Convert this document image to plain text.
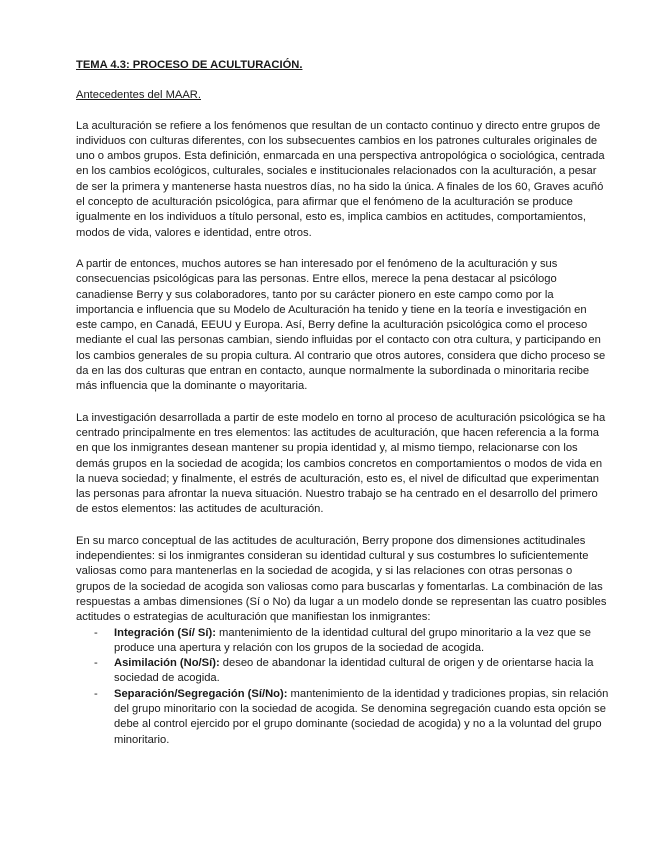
TEMA 4.3: PROCESO DE ACULTURACIÓN.

Antecedentes del MAAR.

La aculturación se refiere a los fenómenos que resultan de un contacto continuo y directo entre grupos de individuos con culturas diferentes, con los subsecuentes cambios en los patrones culturales originales de uno o ambos grupos. Esta definición, enmarcada en una perspectiva antropológica o sociológica, centrada en los cambios ecológicos, culturales, sociales e institucionales relacionados con la aculturación, a pesar de ser la primera y mantenerse hasta nuestros días, no ha sido la única. A finales de los 60, Graves acuñó el concepto de aculturación psicológica, para afirmar que el fenómeno de la aculturación se produce igualmente en los individuos a título personal, esto es, implica cambios en actitudes, comportamientos, modos de vida, valores e identidad, entre otros.

A partir de entonces, muchos autores se han interesado por el fenómeno de la aculturación y sus consecuencias psicológicas para las personas. Entre ellos, merece la pena destacar al psicólogo canadiense Berry y sus colaboradores, tanto por su carácter pionero en este campo como por la importancia e influencia que su Modelo de Aculturación ha tenido y tiene en la teoría e investigación en este campo, en Canadá, EEUU y Europa. Así, Berry define la aculturación psicológica como el proceso mediante el cual las personas cambian, siendo influidas por el contacto con otra cultura, y participando en los cambios generales de su propia cultura. Al contrario que otros autores, considera que dicho proceso se da en las dos culturas que entran en contacto, aunque normalmente la subordinada o minoritaria recibe más influencia que la dominante o mayoritaria.

La investigación desarrollada a partir de este modelo en torno al proceso de aculturación psicológica se ha centrado principalmente en tres elementos: las actitudes de aculturación, que hacen referencia a la forma en que los inmigrantes desean mantener su propia identidad y, al mismo tiempo, relacionarse con los demás grupos en la sociedad de acogida; los cambios concretos en comportamientos o modos de vida en la nueva sociedad; y finalmente, el estrés de aculturación, esto es, el nivel de dificultad que experimentan las personas para afrontar la nueva situación. Nuestro trabajo se ha centrado en el desarrollo del primero de estos elementos: las actitudes de aculturación.

En su marco conceptual de las actitudes de aculturación, Berry propone dos dimensiones actitudinales independientes: si los inmigrantes consideran su identidad cultural y sus costumbres lo suficientemente valiosas como para mantenerlas en la sociedad de acogida, y si las relaciones con otras personas o grupos de la sociedad de acogida son valiosas como para buscarlas y fomentarlas. La combinación de las respuestas a ambas dimensiones (Sí o No) da lugar a un modelo donde se representan las cuatro posibles actitudes o estrategias de aculturación que manifiestan los inmigrantes:

- Integración (Sí/ Sí): mantenimiento de la identidad cultural del grupo minoritario a la vez que se produce una apertura y relación con los grupos de la sociedad de acogida.
- Asimilación (No/Sí): deseo de abandonar la identidad cultural de origen y de orientarse hacia la sociedad de acogida.
- Separación/Segregación (Sí/No): mantenimiento de la identidad y tradiciones propias, sin relación del grupo minoritario con la sociedad de acogida. Se denomina segregación cuando esta opción se debe al control ejercido por el grupo dominante (sociedad de acogida) y no a la voluntad del grupo minoritario.
